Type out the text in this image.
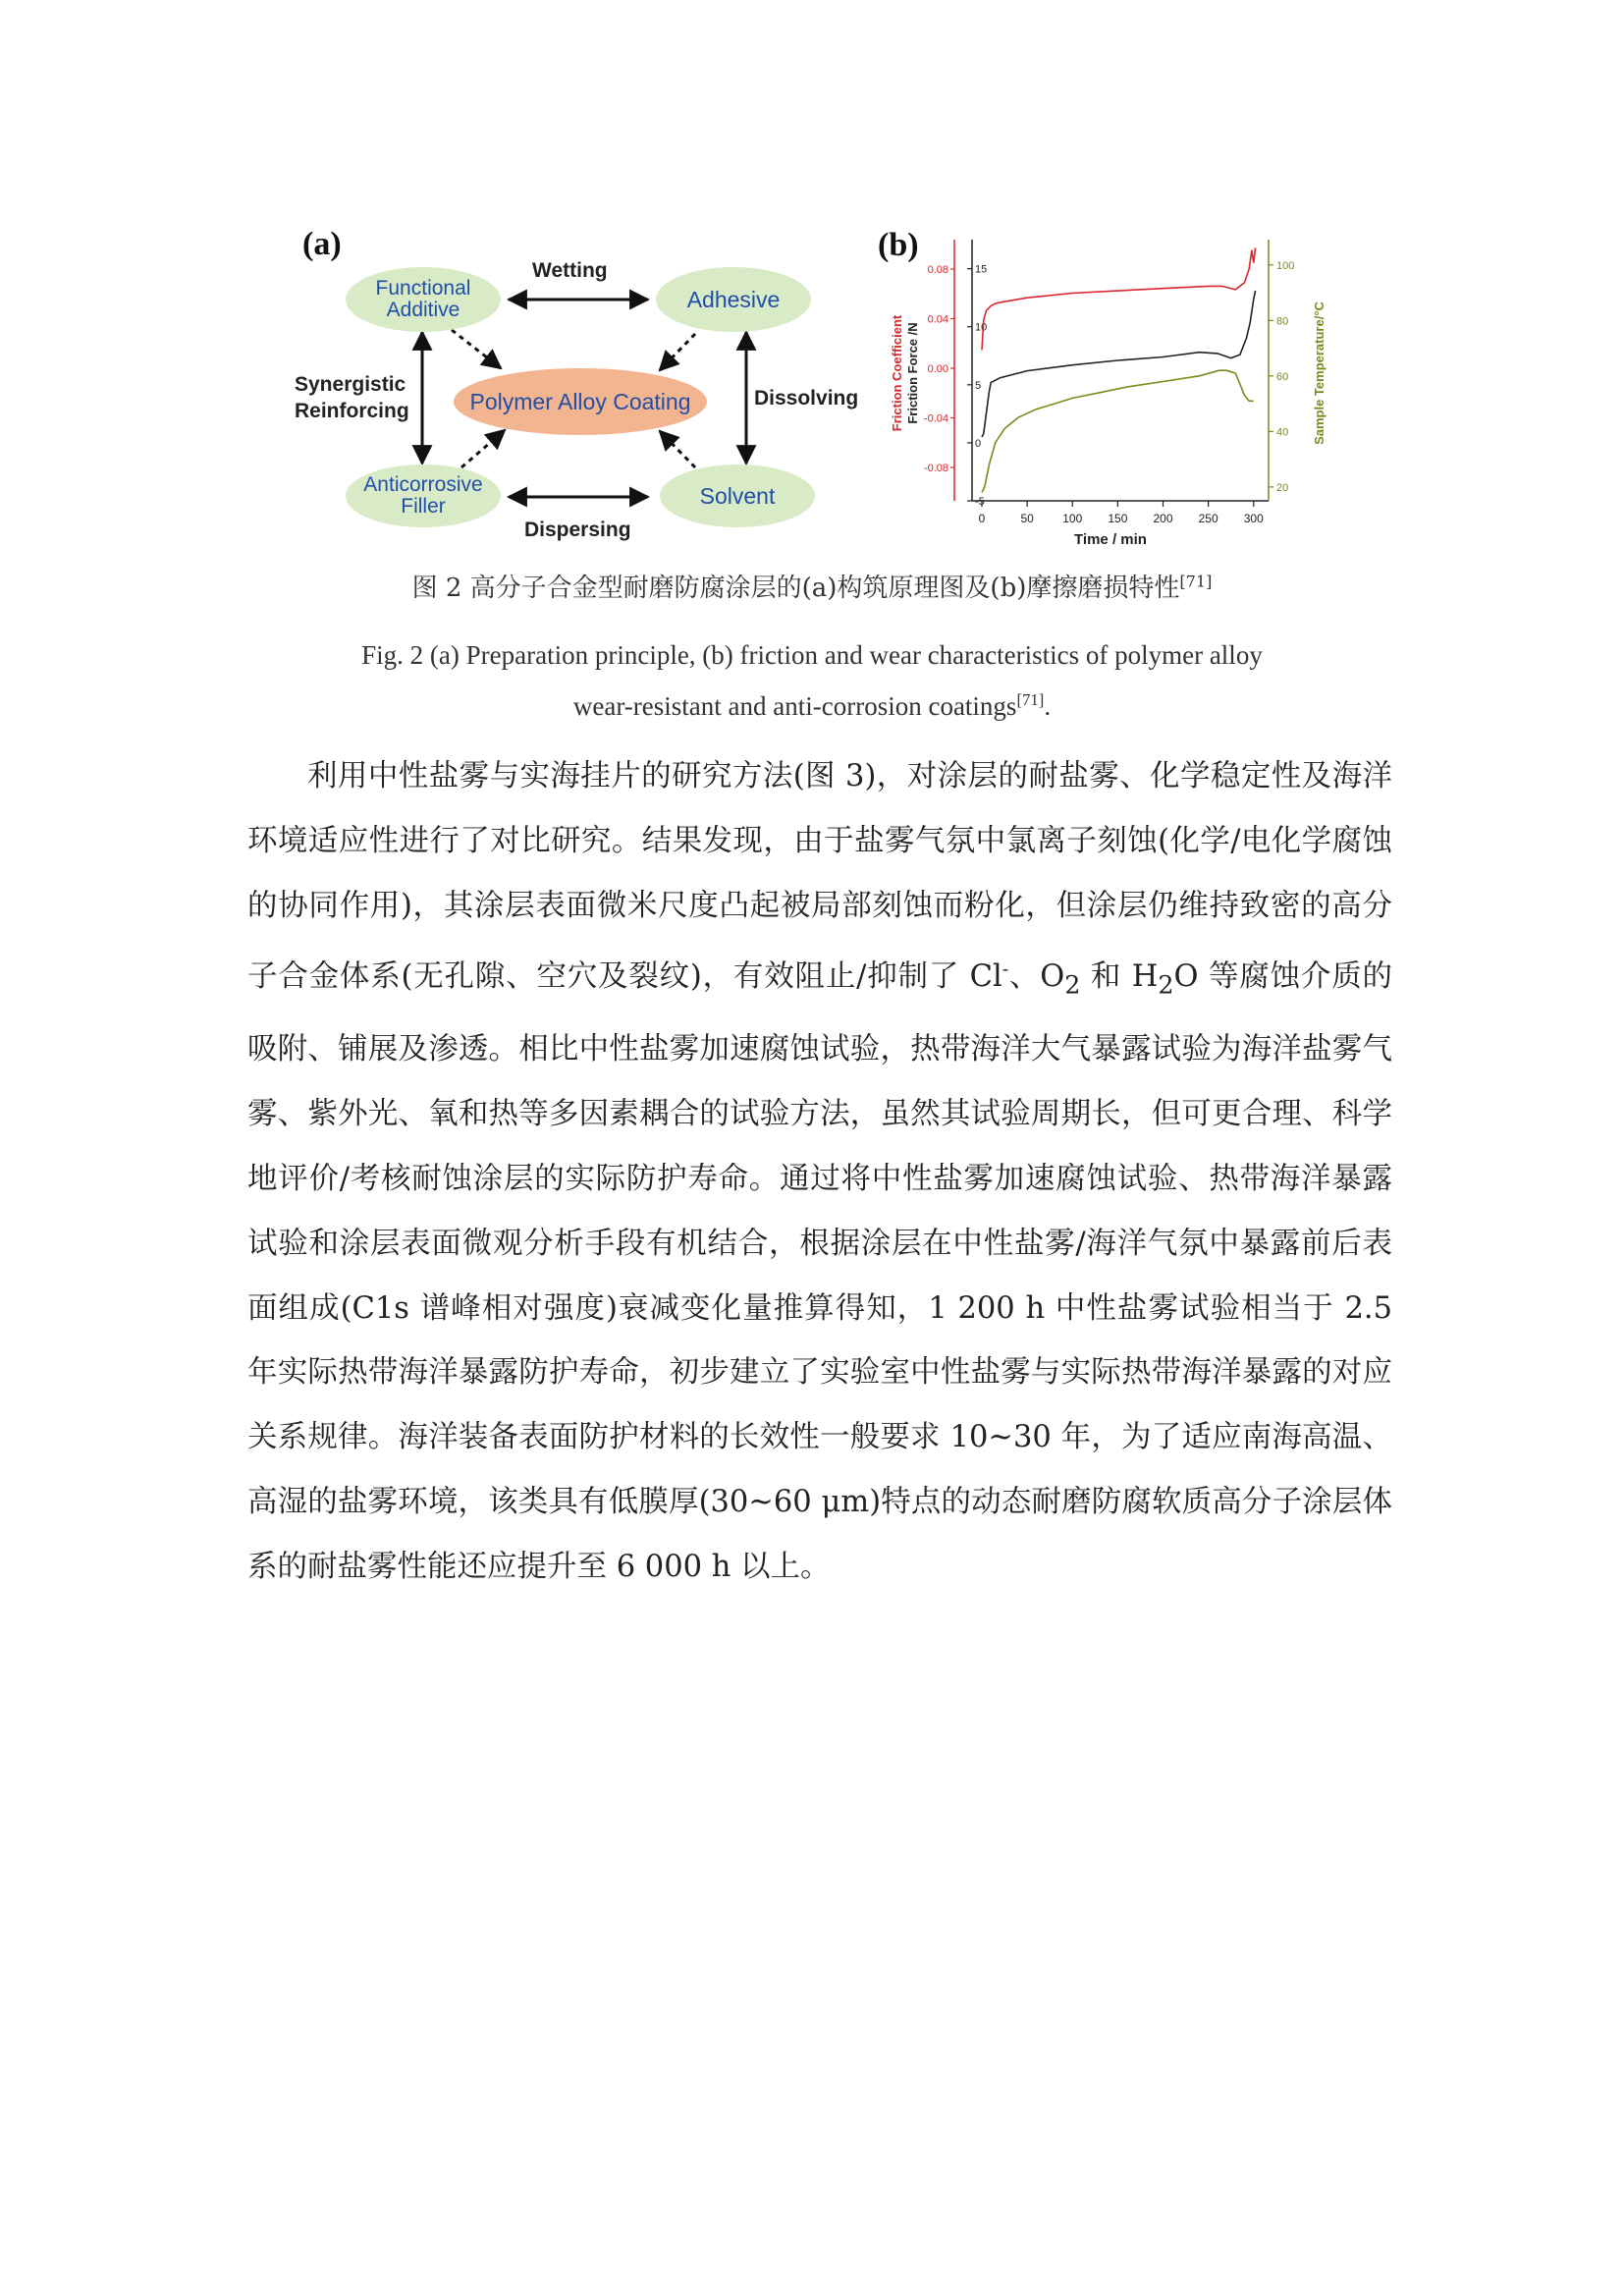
(a)
Functional Additive	Adhesive
Polymer Alloy Coating
Anticorrosive Filler	Solvent
Wetting
Synergistic Reinforcing
Dissolving
Dispersing
(b)
0	50 100 150 200 250 300
Time / min
15
10
5
0
-5
0.08
0.04
0.00
-0.04
-0.08
100
80
60
40
20
Friction Coefficient Friction Force /N	Sample Temperature/°C
图 2 高分子合金型耐磨防腐涂层的(a)构筑原理图及(b)摩擦磨损特性[71]
Fig. 2 (a) Preparation principle, (b) friction and wear characteristics of polymer alloy
wear-resistant and anti-corrosion coatings[71].

利用中性盐雾与实海挂片的研究方法(图 3)，对涂层的耐盐雾、化学稳定性及海洋环境适应性进行了对比研究。结果发现，由于盐雾气氛中氯离子刻蚀(化学/电化学腐蚀的协同作用)，其涂层表面微米尺度凸起被局部刻蚀而粉化，但涂层仍维持致密的高分子合金体系(无孔隙、空穴及裂纹)，有效阻止/抑制了 Cl-、$O_2$ 和 $H_2O$ 等腐蚀介质的吸附、铺展及渗透。相比中性盐雾加速腐蚀试验，热带海洋大气暴露试验为海洋盐雾气雾、紫外光、氧和热等多因素耦合的试验方法，虽然其试验周期长，但可更合理、科学地评价/考核耐蚀涂层的实际防护寿命。通过将中性盐雾加速腐蚀试验、热带海洋暴露试验和涂层表面微观分析手段有机结合，根据涂层在中性盐雾/海洋气氛中暴露前后表面组成(C1s 谱峰相对强度)衰减变化量推算得知，1 200 h 中性盐雾试验相当于 2.5 年实际热带海洋暴露防护寿命，初步建立了实验室中性盐雾与实际热带海洋暴露的对应关系规律。海洋装备表面防护材料的长效性一般要求 10~30 年，为了适应南海高温、高湿的盐雾环境，该类具有低膜厚(30~60 μm)特点的动态耐磨防腐软质高分子涂层体系的耐盐雾性能还应提升至 6 000 h 以上。
